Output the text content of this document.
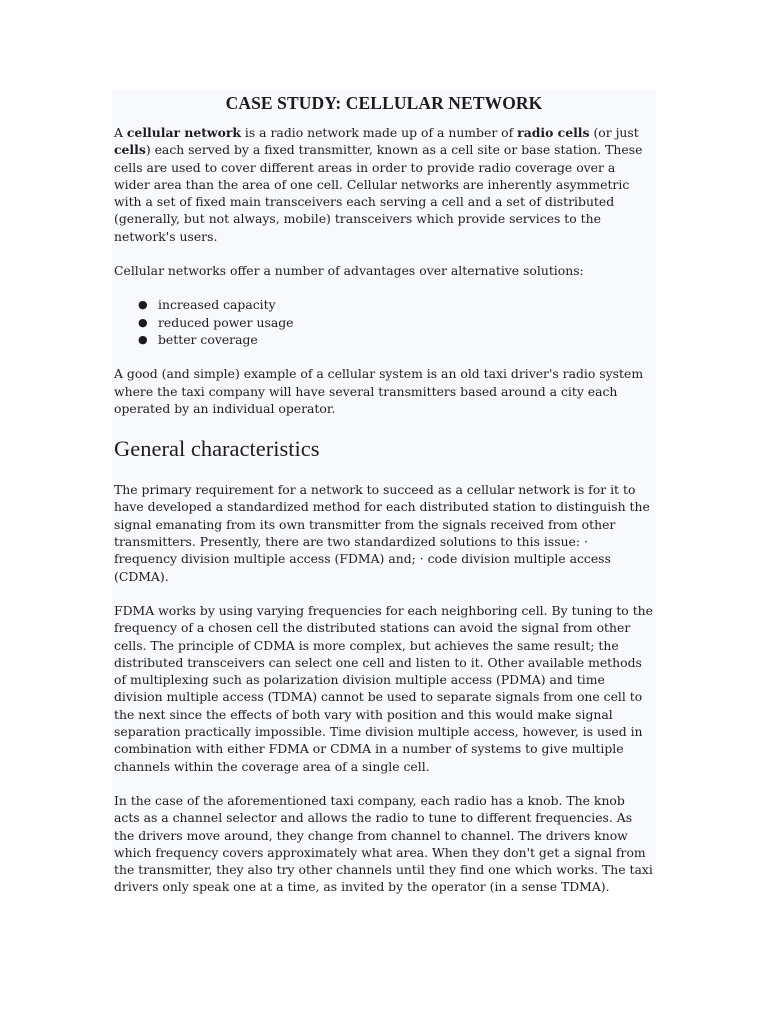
CASE STUDY: CELLULAR NETWORK

A cellular network is a radio network made up of a number of radio cells (or just cells) each served by a fixed transmitter, known as a cell site or base station. These cells are used to cover different areas in order to provide radio coverage over a wider area than the area of one cell. Cellular networks are inherently asymmetric with a set of fixed main transceivers each serving a cell and a set of distributed (generally, but not always, mobile) transceivers which provide services to the network's users.

Cellular networks offer a number of advantages over alternative solutions:

● increased capacity
● reduced power usage
● better coverage

A good (and simple) example of a cellular system is an old taxi driver's radio system where the taxi company will have several transmitters based around a city each operated by an individual operator.

General characteristics

The primary requirement for a network to succeed as a cellular network is for it to have developed a standardized method for each distributed station to distinguish the signal emanating from its own transmitter from the signals received from other transmitters. Presently, there are two standardized solutions to this issue: · frequency division multiple access (FDMA) and; · code division multiple access (CDMA).

FDMA works by using varying frequencies for each neighboring cell. By tuning to the frequency of a chosen cell the distributed stations can avoid the signal from other cells. The principle of CDMA is more complex, but achieves the same result; the distributed transceivers can select one cell and listen to it. Other available methods of multiplexing such as polarization division multiple access (PDMA) and time division multiple access (TDMA) cannot be used to separate signals from one cell to the next since the effects of both vary with position and this would make signal separation practically impossible. Time division multiple access, however, is used in combination with either FDMA or CDMA in a number of systems to give multiple channels within the coverage area of a single cell.

In the case of the aforementioned taxi company, each radio has a knob. The knob acts as a channel selector and allows the radio to tune to different frequencies. As the drivers move around, they change from channel to channel. The drivers know which frequency covers approximately what area. When they don't get a signal from the transmitter, they also try other channels until they find one which works. The taxi drivers only speak one at a time, as invited by the operator (in a sense TDMA).
